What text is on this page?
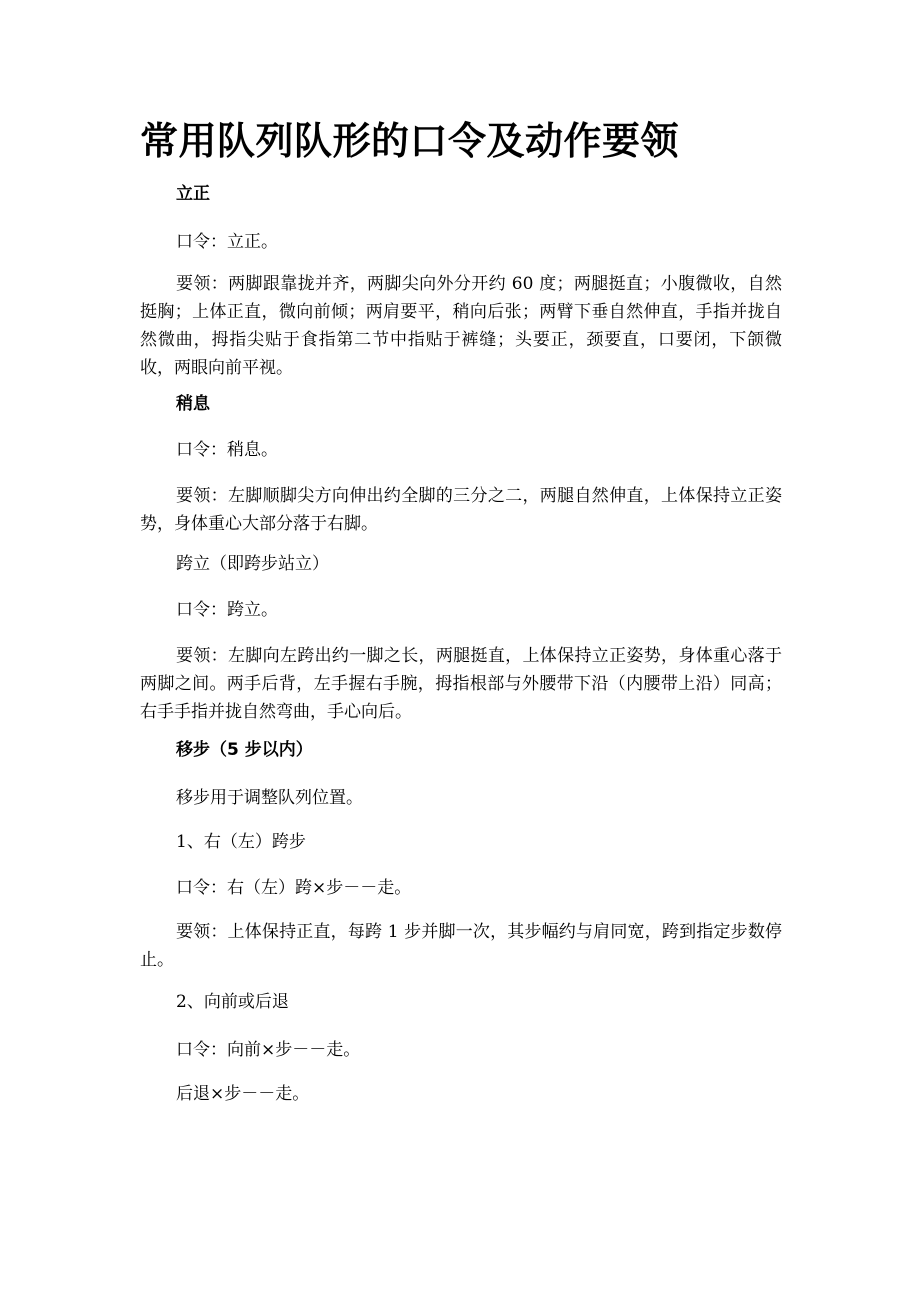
常用队列队形的口令及动作要领

立正

口令：立正。

要领：两脚跟靠拢并齐，两脚尖向外分开约 60 度；两腿挺直；小腹微收，自然挺胸；上体正直，微向前倾；两肩要平，稍向后张；两臂下垂自然伸直，手指并拢自然微曲，拇指尖贴于食指第二节中指贴于裤缝；头要正，颈要直，口要闭，下颌微收，两眼向前平视。

稍息

口令：稍息。

要领：左脚顺脚尖方向伸出约全脚的三分之二，两腿自然伸直，上体保持立正姿势，身体重心大部分落于右脚。

跨立（即跨步站立）

口令：跨立。

要领：左脚向左跨出约一脚之长，两腿挺直，上体保持立正姿势，身体重心落于两脚之间。两手后背，左手握右手腕，拇指根部与外腰带下沿（内腰带上沿）同高；右手手指并拢自然弯曲，手心向后。

移步（5 步以内）

移步用于调整队列位置。

1、右（左）跨步

口令：右（左）跨×步－－走。

要领：上体保持正直，每跨 1 步并脚一次，其步幅约与肩同宽，跨到指定步数停止。

2、向前或后退

口令：向前×步－－走。

后退×步－－走。
